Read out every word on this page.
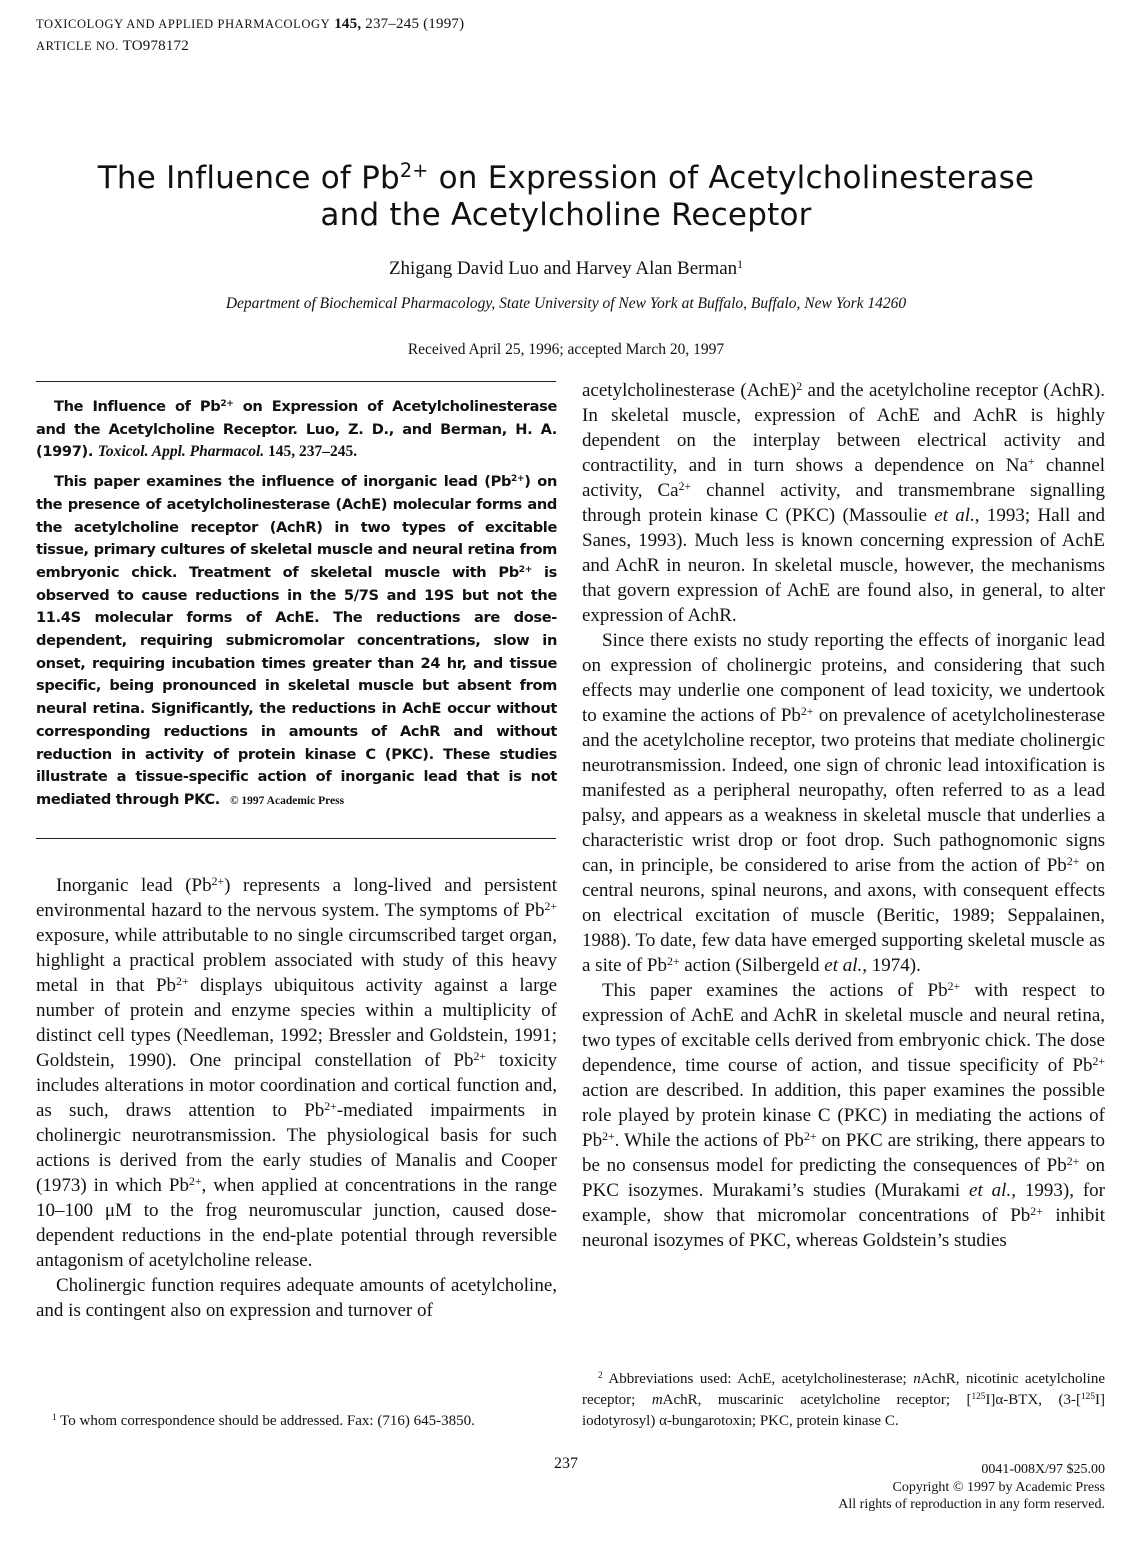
TOXICOLOGY AND APPLIED PHARMACOLOGY 145, 237–245 (1997)
ARTICLE NO. TO978172
The Influence of $Pb^{2+}$ on Expression of Acetylcholinesterase
and the Acetylcholine Receptor
Zhigang David Luo and Harvey Alan Berman$^1$
Department of Biochemical Pharmacology, State University of New York at Buffalo, Buffalo, New York 14260
Received April 25, 1996; accepted March 20, 1997

The Influence of $Pb^{2+}$ on Expression of Acetylcholinesterase and the Acetylcholine Receptor. Luo, Z. D., and Berman, H. A. (1997). Toxicol. Appl. Pharmacol. 145, 237–245.

This paper examines the influence of inorganic lead $(Pb^{2+})$ on the presence of acetylcholinesterase (AchE) molecular forms and the acetylcholine receptor (AchR) in two types of excitable tissue, primary cultures of skeletal muscle and neural retina from embryonic chick. Treatment of skeletal muscle with $Pb^{2+}$ is observed to cause reductions in the 5/7S and 19S but not the 11.4S molecular forms of AchE. The reductions are dose-dependent, requiring submicromolar concentrations, slow in onset, requiring incubation times greater than 24 hr, and tissue specific, being pronounced in skeletal muscle but absent from neural retina. Significantly, the reductions in AchE occur without corresponding reductions in amounts of AchR and without reduction in activity of protein kinase C (PKC). These studies illustrate a tissue-specific action of inorganic lead that is not mediated through PKC. © 1997 Academic Press

Inorganic lead $(Pb^{2+})$ represents a long-lived and persistent environmental hazard to the nervous system. The symptoms of $Pb^{2+}$ exposure, while attributable to no single circumscribed target organ, highlight a practical problem associated with study of this heavy metal in that $Pb^{2+}$ displays ubiquitous activity against a large number of protein and enzyme species within a multiplicity of distinct cell types (Needleman, 1992; Bressler and Goldstein, 1991; Goldstein, 1990). One principal constellation of $Pb^{2+}$ toxicity includes alterations in motor coordination and cortical function and, as such, draws attention to $Pb^{2+}$-mediated impairments in cholinergic neurotransmission. The physiological basis for such actions is derived from the early studies of Manalis and Cooper (1973) in which $Pb^{2+}$, when applied at concentrations in the range 10–100 μM to the frog neuromuscular junction, caused dose-dependent reductions in the end-plate potential through reversible antagonism of acetylcholine release.

Cholinergic function requires adequate amounts of acetylcholine, and is contingent also on expression and turnover of

acetylcholinesterase (AchE)$^2$ and the acetylcholine receptor (AchR). In skeletal muscle, expression of AchE and AchR is highly dependent on the interplay between electrical activity and contractility, and in turn shows a dependence on Na+ channel activity, $Ca^{2+}$ channel activity, and transmembrane signalling through protein kinase C (PKC) (Massoulie et al., 1993; Hall and Sanes, 1993). Much less is known concerning expression of AchE and AchR in neuron. In skeletal muscle, however, the mechanisms that govern expression of AchE are found also, in general, to alter expression of AchR.

Since there exists no study reporting the effects of inorganic lead on expression of cholinergic proteins, and considering that such effects may underlie one component of lead toxicity, we undertook to examine the actions of $Pb^{2+}$ on prevalence of acetylcholinesterase and the acetylcholine receptor, two proteins that mediate cholinergic neurotransmission. Indeed, one sign of chronic lead intoxification is manifested as a peripheral neuropathy, often referred to as a lead palsy, and appears as a weakness in skeletal muscle that underlies a characteristic wrist drop or foot drop. Such pathognomonic signs can, in principle, be considered to arise from the action of $Pb^{2+}$ on central neurons, spinal neurons, and axons, with consequent effects on electrical excitation of muscle (Beritic, 1989; Seppalainen, 1988). To date, few data have emerged supporting skeletal muscle as a site of $Pb^{2+}$ action (Silbergeld et al., 1974).

This paper examines the actions of $Pb^{2+}$ with respect to expression of AchE and AchR in skeletal muscle and neural retina, two types of excitable cells derived from embryonic chick. The dose dependence, time course of action, and tissue specificity of $Pb^{2+}$ action are described. In addition, this paper examines the possible role played by protein kinase C (PKC) in mediating the actions of $Pb^{2+}$. While the actions of $Pb^{2+}$ on PKC are striking, there appears to be no consensus model for predicting the consequences of $Pb^{2+}$ on PKC isozymes. Murakami’s studies (Murakami et al., 1993), for example, show that micromolar concentrations of $Pb^{2+}$ inhibit neuronal isozymes of PKC, whereas Goldstein’s studies

$^1$ To whom correspondence should be addressed. Fax: (716) 645-3850.
$^2$ Abbreviations used: AchE, acetylcholinesterase; nAchR, nicotinic acetylcholine receptor; mAchR, muscarinic acetylcholine receptor; [$^{125}$I]α-BTX, (3-[$^{125}$I] iodotyrosyl) α-bungarotoxin; PKC, protein kinase C.
237	0041-008X/97 $25.00
Copyright © 1997 by Academic Press
All rights of reproduction in any form reserved.
